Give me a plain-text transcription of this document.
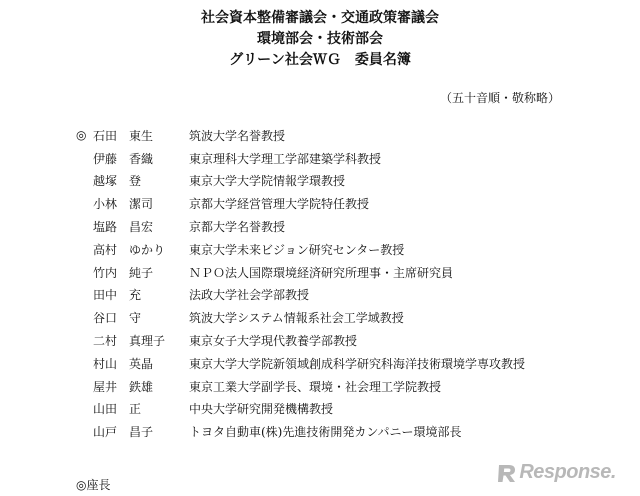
社会資本整備審議会・交通政策審議会
環境部会・技術部会
グリーン社会ＷＧ　委員名簿
（五十音順・敬称略）
◎ 石田　東生	筑波大学名誉教授
伊藤　香織	東京理科大学理工学部建築学科教授
越塚　登	東京大学大学院情報学環教授
小林　潔司	京都大学経営管理大学院特任教授
塩路　昌宏	京都大学名誉教授
高村　ゆかり	東京大学未来ビジョン研究センター教授
竹内　純子	ＮＰＯ法人国際環境経済研究所理事・主席研究員
田中　充	法政大学社会学部教授
谷口　守	筑波大学システム情報系社会工学域教授
二村　真理子	東京女子大学現代教養学部教授
村山　英晶	東京大学大学院新領域創成科学研究科海洋技術環境学専攻教授
屋井　鉄雄	東京工業大学副学長、環境・社会理工学院教授
山田　正	中央大学研究開発機構教授
山戸　昌子	トヨタ自動車(株)先進技術開発カンパニー環境部長
◎座長
Response.
